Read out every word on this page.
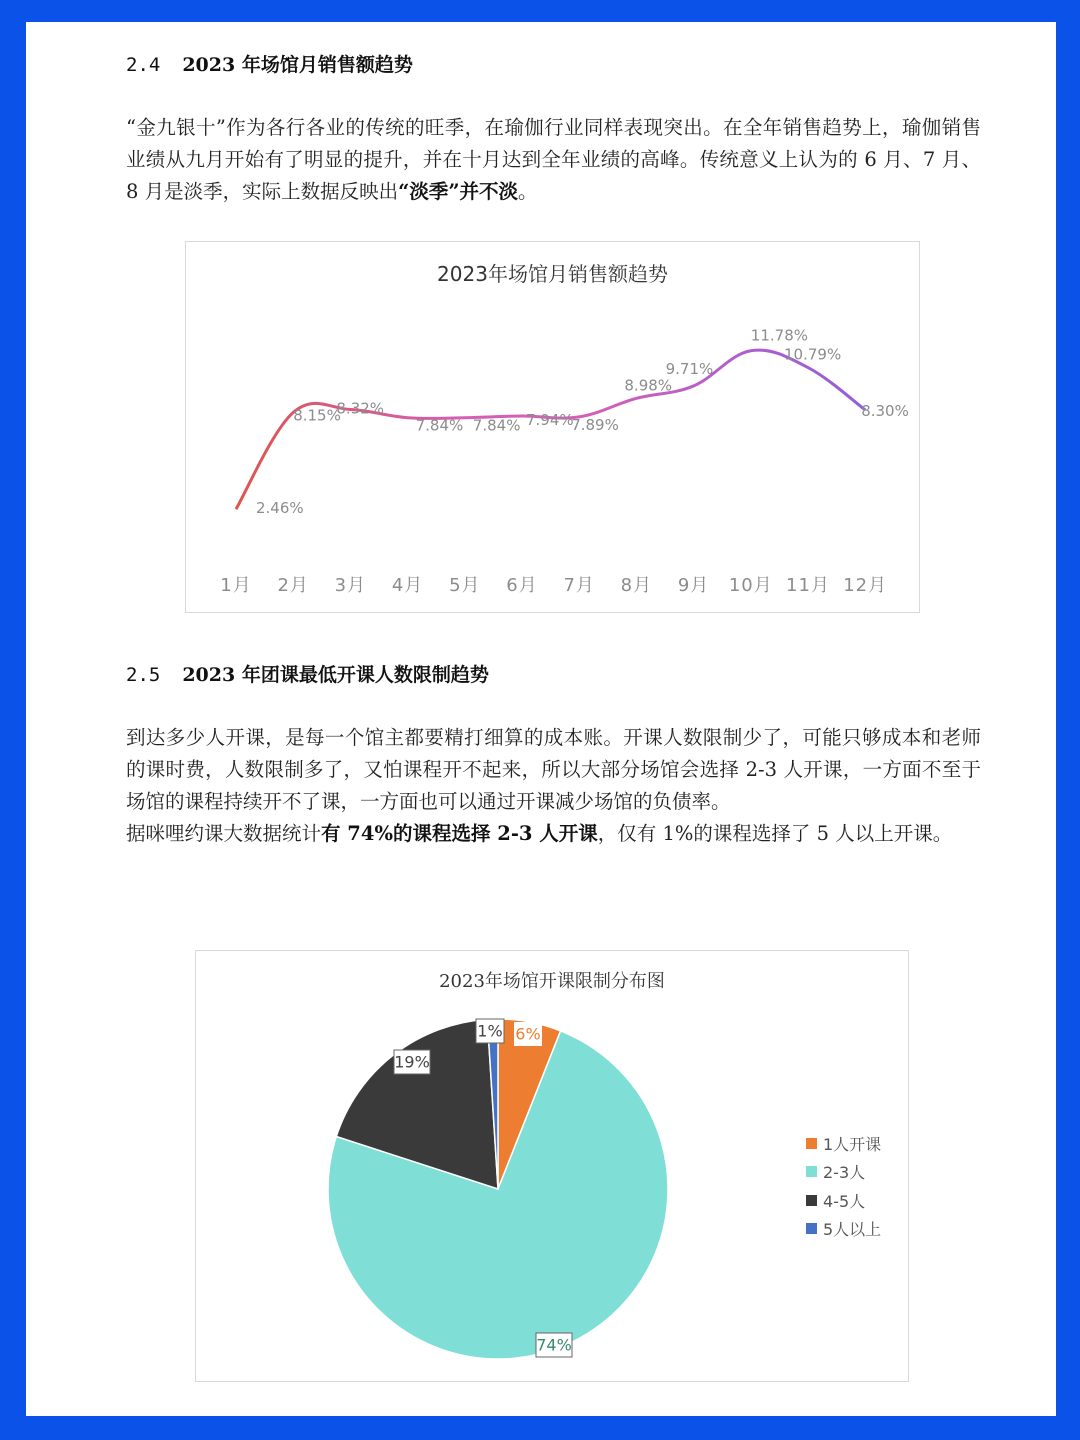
2.4 2023 年场馆月销售额趋势
“金九银十”作为各行各业的传统的旺季，在瑜伽行业同样表现突出。在全年销售趋势上，瑜伽销售业绩从九月开始有了明显的提升，并在十月达到全年业绩的高峰。传统意义上认为的 6 月、7 月、8 月是淡季，实际上数据反映出“淡季”并不淡。
2023年场馆月销售额趋势
2.46%
8.15%
8.32%
7.84% 7.84% 7.94%
7.89%
8.98%
9.71%
11.78%
10.79%
8.30%
1月 2月 3月 4月 5月 6月 7月 8月 9月 10月 11月 12月
2.5 2023 年团课最低开课人数限制趋势
到达多少人开课，是每一个馆主都要精打细算的成本账。开课人数限制少了，可能只够成本和老师的课时费，人数限制多了，又怕课程开不起来，所以大部分场馆会选择 2-3 人开课，一方面不至于场馆的课程持续开不了课，一方面也可以通过开课减少场馆的负债率。
据咪哩约课大数据统计有 74%的课程选择 2-3 人开课，仅有 1%的课程选择了 5 人以上开课。
2023年场馆开课限制分布图
6%
74%
19%
1%
1人开课
2-3人
4-5人
5人以上
